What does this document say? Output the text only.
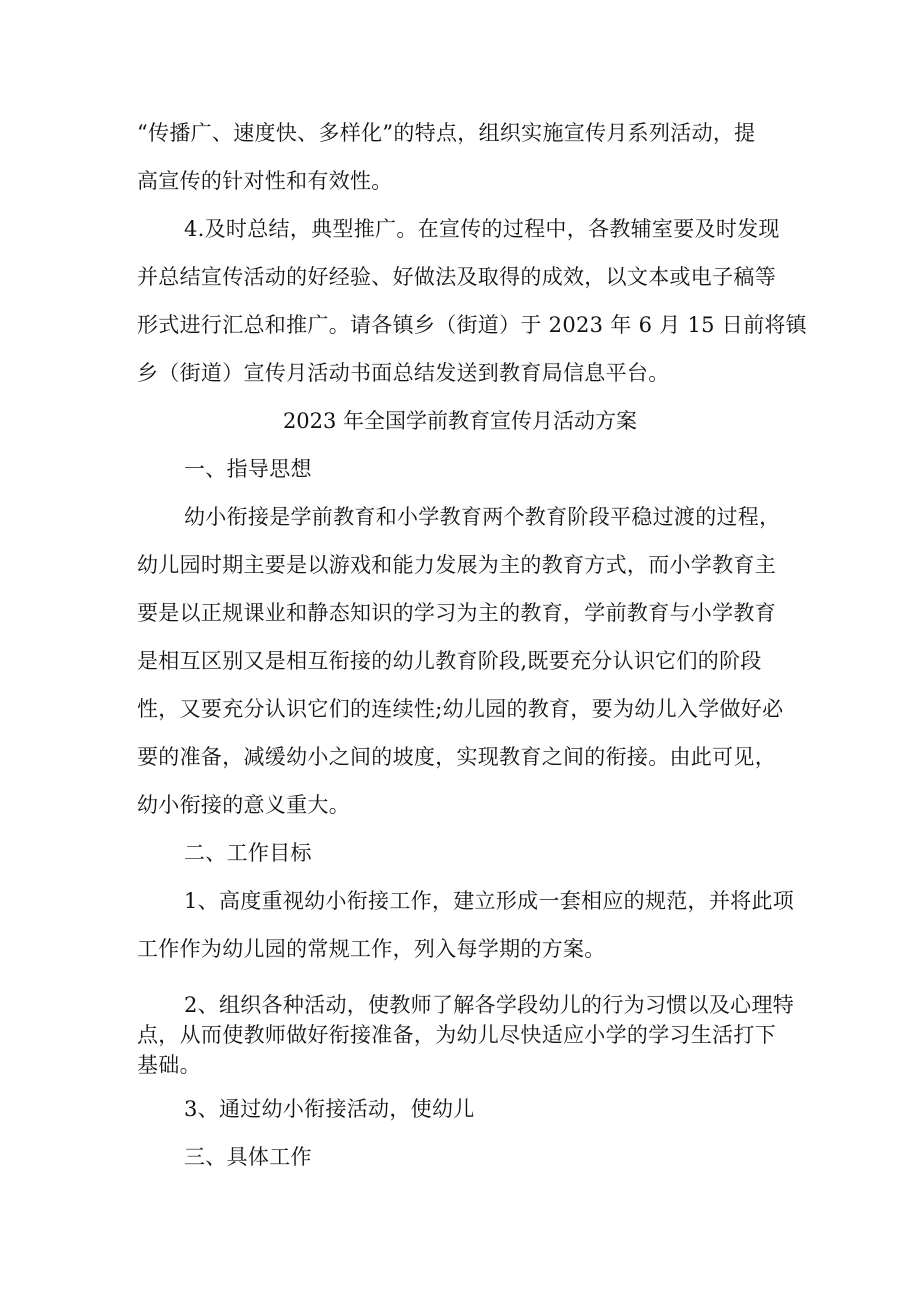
“传播广、速度快、多样化”的特点，组织实施宣传月系列活动，提
高宣传的针对性和有效性。
4.及时总结，典型推广。在宣传的过程中，各教辅室要及时发现
并总结宣传活动的好经验、好做法及取得的成效，以文本或电子稿等
形式进行汇总和推广。请各镇乡（街道）于 2023 年 6 月 15 日前将镇
乡（街道）宣传月活动书面总结发送到教育局信息平台。
2023 年全国学前教育宣传月活动方案
一、指导思想
幼小衔接是学前教育和小学教育两个教育阶段平稳过渡的过程，
幼儿园时期主要是以游戏和能力发展为主的教育方式，而小学教育主
要是以正规课业和静态知识的学习为主的教育，学前教育与小学教育
是相互区别又是相互衔接的幼儿教育阶段,既要充分认识它们的阶段
性，又要充分认识它们的连续性;幼儿园的教育，要为幼儿入学做好必
要的准备，减缓幼小之间的坡度，实现教育之间的衔接。由此可见，
幼小衔接的意义重大。
二、工作目标
1、高度重视幼小衔接工作，建立形成一套相应的规范，并将此项
工作作为幼儿园的常规工作，列入每学期的方案。
2、组织各种活动，使教师了解各学段幼儿的行为习惯以及心理特
点，从而使教师做好衔接准备，为幼儿尽快适应小学的学习生活打下
基础。
3、通过幼小衔接活动，使幼儿
三、具体工作
